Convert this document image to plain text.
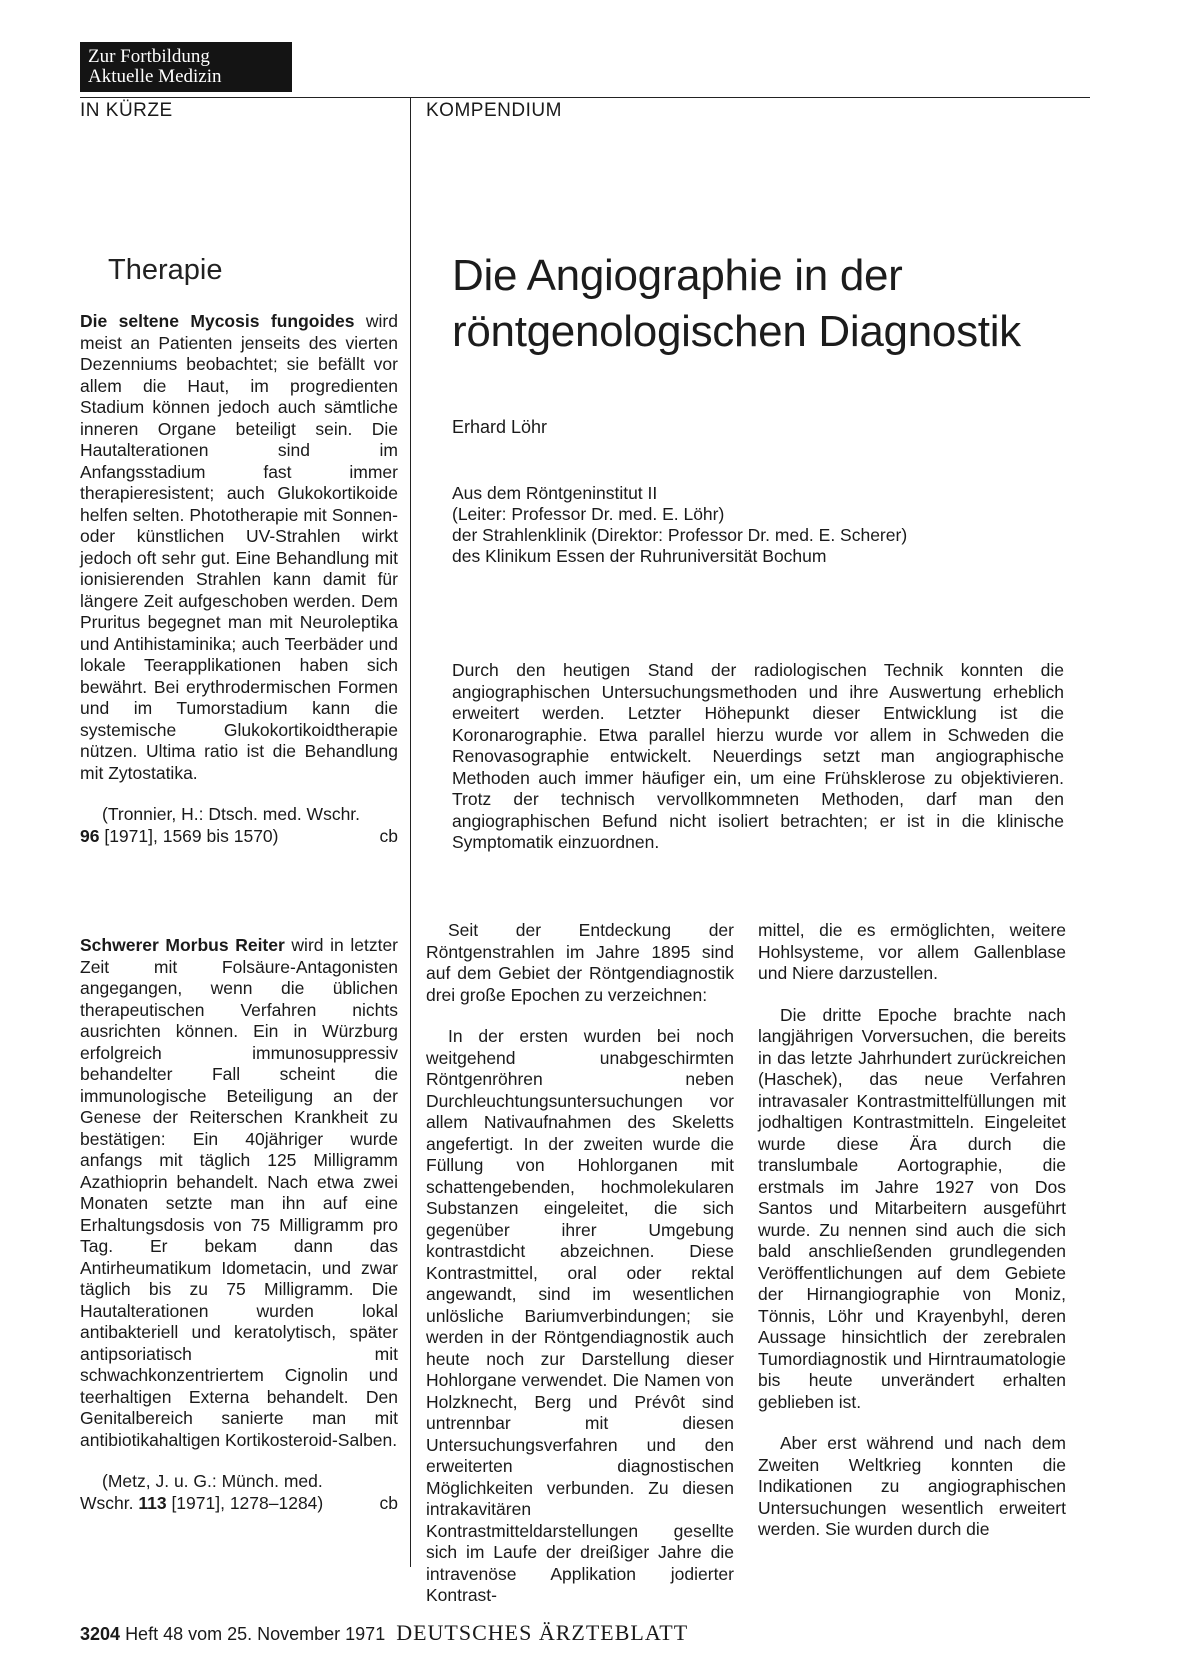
Zur Fortbildung
Aktuelle Medizin
IN KÜRZE	KOMPENDIUM
Therapie

Die seltene Mycosis fungoides wird meist an Patienten jenseits des vierten Dezenniums beobachtet; sie befällt vor allem die Haut, im progredienten Stadium können jedoch auch sämtliche inneren Organe beteiligt sein. Die Hautalterationen sind im Anfangsstadium fast immer therapieresistent; auch Glukokortikoide helfen selten. Phototherapie mit Sonnen- oder künstlichen UV-Strahlen wirkt jedoch oft sehr gut. Eine Behandlung mit ionisierenden Strahlen kann damit für längere Zeit aufgeschoben werden. Dem Pruritus begegnet man mit Neuroleptika und Antihistaminika; auch Teerbäder und lokale Teerapplikationen haben sich bewährt. Bei erythrodermischen Formen und im Tumorstadium kann die systemische Glukokortikoidtherapie nützen. Ultima ratio ist die Behandlung mit Zytostatika.

(Tronnier, H.: Dtsch. med. Wschr.
96 [1971], 1569 bis 1570)	cb

Schwerer Morbus Reiter wird in letzter Zeit mit Folsäure-Antagonisten angegangen, wenn die üblichen therapeutischen Verfahren nichts ausrichten können. Ein in Würzburg erfolgreich immunosuppressiv behandelter Fall scheint die immunologische Beteiligung an der Genese der Reiterschen Krankheit zu bestätigen: Ein 40jähriger wurde anfangs mit täglich 125 Milligramm Azathioprin behandelt. Nach etwa zwei Monaten setzte man ihn auf eine Erhaltungsdosis von 75 Milligramm pro Tag. Er bekam dann das Antirheumatikum Idometacin, und zwar täglich bis zu 75 Milligramm. Die Hautalterationen wurden lokal antibakteriell und keratolytisch, später antipsoriatisch mit schwachkonzentriertem Cignolin und teerhaltigen Externa behandelt. Den Genitalbereich sanierte man mit antibiotikahaltigen Kortikosteroid-Salben.

(Metz, J. u. G.: Münch. med.
Wschr. 113 [1971], 1278–1284)	cb
Die Angiographie in der
röntgenologischen Diagnostik
Erhard Löhr
Aus dem Röntgeninstitut II
(Leiter: Professor Dr. med. E. Löhr)
der Strahlenklinik (Direktor: Professor Dr. med. E. Scherer)
des Klinikum Essen der Ruhruniversität Bochum
Durch den heutigen Stand der radiologischen Technik konnten die angiographischen Untersuchungsmethoden und ihre Auswertung erheblich erweitert werden. Letzter Höhepunkt dieser Entwicklung ist die Koronarographie. Etwa parallel hierzu wurde vor allem in Schweden die Renovasographie entwickelt. Neuerdings setzt man angiographische Methoden auch immer häufiger ein, um eine Frühsklerose zu objektivieren. Trotz der technisch vervollkommneten Methoden, darf man den angiographischen Befund nicht isoliert betrachten; er ist in die klinische Symptomatik einzuordnen.

Seit der Entdeckung der Röntgenstrahlen im Jahre 1895 sind auf dem Gebiet der Röntgendiagnostik drei große Epochen zu verzeichnen:

In der ersten wurden bei noch weitgehend unabgeschirmten Röntgenröhren neben Durchleuchtungsuntersuchungen vor allem Nativaufnahmen des Skeletts angefertigt. In der zweiten wurde die Füllung von Hohlorganen mit schattengebenden, hochmolekularen Substanzen eingeleitet, die sich gegenüber ihrer Umgebung kontrastdicht abzeichnen. Diese Kontrastmittel, oral oder rektal angewandt, sind im wesentlichen unlösliche Bariumverbindungen; sie werden in der Röntgendiagnostik auch heute noch zur Darstellung dieser Hohlorgane verwendet. Die Namen von Holzknecht, Berg und Prévôt sind untrennbar mit diesen Untersuchungsverfahren und den erweiterten diagnostischen Möglichkeiten verbunden. Zu diesen intrakavitären Kontrastmitteldarstellungen gesellte sich im Laufe der dreißiger Jahre die intravenöse Applikation jodierter Kontrast-

mittel, die es ermöglichten, weitere Hohlsysteme, vor allem Gallenblase und Niere darzustellen.

Die dritte Epoche brachte nach langjährigen Vorversuchen, die bereits in das letzte Jahrhundert zurückreichen (Haschek), das neue Verfahren intravasaler Kontrastmittelfüllungen mit jodhaltigen Kontrastmitteln. Eingeleitet wurde diese Ära durch die translumbale Aortographie, die erstmals im Jahre 1927 von Dos Santos und Mitarbeitern ausgeführt wurde. Zu nennen sind auch die sich bald anschließenden grundlegenden Veröffentlichungen auf dem Gebiete der Hirnangiographie von Moniz, Tönnis, Löhr und Krayenbyhl, deren Aussage hinsichtlich der zerebralen Tumordiagnostik und Hirntraumatologie bis heute unverändert erhalten geblieben ist.

Aber erst während und nach dem Zweiten Weltkrieg konnten die Indikationen zu angiographischen Untersuchungen wesentlich erweitert werden. Sie wurden durch die

3204 Heft 48 vom 25. November 1971 DEUTSCHES ÄRZTEBLATT
